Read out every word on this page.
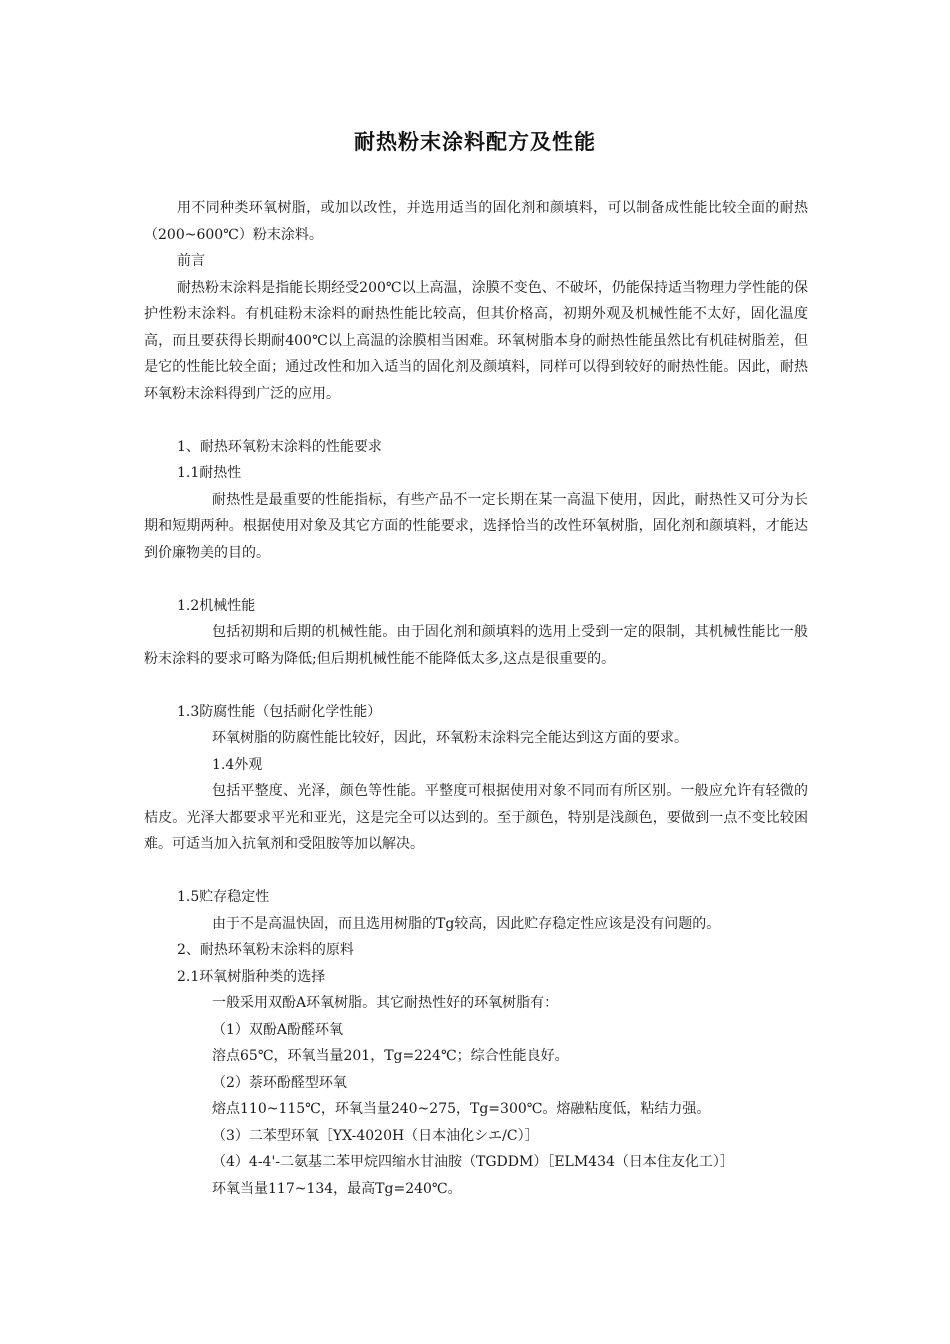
耐热粉末涂料配方及性能

用不同种类环氧树脂，或加以改性，并选用适当的固化剂和颜填料，可以制备成性能比较全面的耐热（200~600℃）粉末涂料。

前言

耐热粉末涂料是指能长期经受200℃以上高温，涂膜不变色、不破坏，仍能保持适当物理力学性能的保护性粉末涂料。有机硅粉末涂料的耐热性能比较高，但其价格高，初期外观及机械性能不太好，固化温度高，而且要获得长期耐400℃以上高温的涂膜相当困难。环氧树脂本身的耐热性能虽然比有机硅树脂差，但是它的性能比较全面；通过改性和加入适当的固化剂及颜填料，同样可以得到较好的耐热性能。因此，耐热环氧粉末涂料得到广泛的应用。

1、耐热环氧粉末涂料的性能要求

1.1耐热性

耐热性是最重要的性能指标，有些产品不一定长期在某一高温下使用，因此，耐热性又可分为长期和短期两种。根据使用对象及其它方面的性能要求，选择恰当的改性环氧树脂，固化剂和颜填料，才能达到价廉物美的目的。

1.2机械性能

包括初期和后期的机械性能。由于固化剂和颜填料的选用上受到一定的限制，其机械性能比一般粉末涂料的要求可略为降低;但后期机械性能不能降低太多,这点是很重要的。

1.3防腐性能（包括耐化学性能）

环氧树脂的防腐性能比较好，因此，环氧粉末涂料完全能达到这方面的要求。

1.4外观

包括平整度、光泽，颜色等性能。平整度可根据使用对象不同而有所区别。一般应允许有轻微的桔皮。光泽大都要求平光和亚光，这是完全可以达到的。至于颜色，特别是浅颜色，要做到一点不变比较困难。可适当加入抗氧剂和受阻胺等加以解决。

1.5贮存稳定性

由于不是高温快固，而且选用树脂的Tg较高，因此贮存稳定性应该是没有问题的。

2、耐热环氧粉末涂料的原料

2.1环氧树脂种类的选择

一般采用双酚A环氧树脂。其它耐热性好的环氧树脂有：

（1）双酚A酚醛环氧

溶点65℃，环氧当量201，Tg=224℃；综合性能良好。

（2）萘环酚醛型环氧

熔点110~115℃，环氧当量240~275，Tg=300℃。熔融粘度低，粘结力强。

（3）二苯型环氧［YX-4020H（日本油化シエ/C）］

（4）4-4'-二氨基二苯甲烷四缩水甘油胺（TGDDM）［ELM434（日本住友化工）］

环氧当量117~134，最高Tg=240℃。
